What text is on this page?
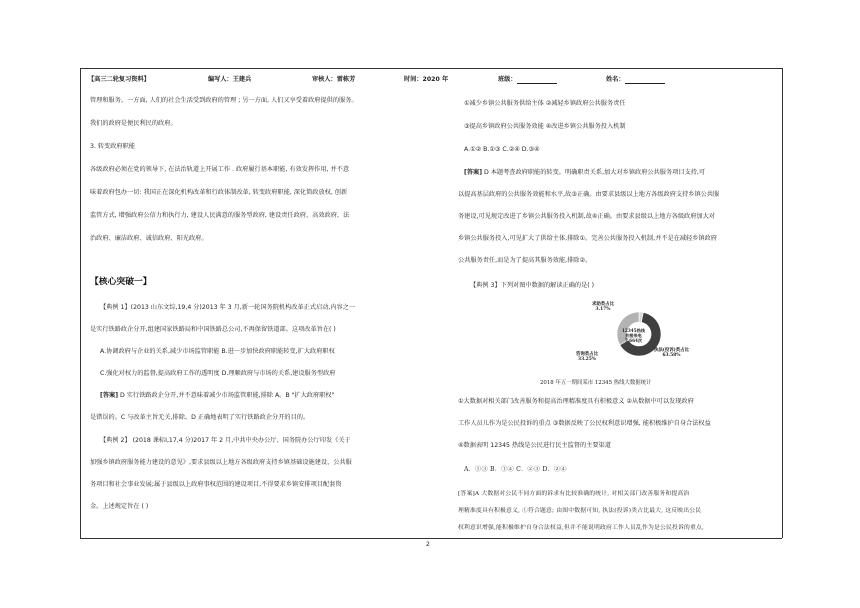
【高三二轮复习资料】	编写人：王建兵	审核人：雷栋芳	时间：2020 年	班级：	姓名：
管理和服务。一方面, 人们的社会生活受到政府的管理 ; 另一方面, 人们又享受着政府提供的服务。
我们的政府是便民利民的政府。
3. 转变政府职能
各级政府必须在党的领导下, 在法治轨道上开展工作 . 政府履行基本职能, 有效发挥作用, 并不意
味着政府包办一切: 我国正在深化机构改革和行政体制改革, 转变政府职能, 深化简政放权, 创新
监管方式, 增强政府公信力和执行力, 建设人民满意的服务型政府, 建设责任政府、高效政府、法
治政府、廉洁政府、诚信政府、阳光政府。
【核心突破一】
【典例 1】(2013 山东文综,19,4 分)2013 年 3 月,新一轮国务院机构改革正式启动,内容之一
是实行铁路政企分开,组建国家铁路局和中国铁路总公司,不再保留铁道部。这项改革旨在( )
A.协调政府与企业的关系,减少市场监管职能 B.进一步加快政府职能转变,扩大政府职权
C.强化对权力的监督,提高政府工作的透明度 D.理顺政府与市场的关系,建设服务型政府
[答案] D 实行铁路政企分开,并不意味着减少市场监管职能,排除 A。B "扩大政府职权"
是错误的。C 与改革主旨无关,排除。D 正确地表明了实行铁路政企分开的目的。
【典例 2】 (2018 课标Ⅰ,17,4 分)2017 年 2 月,中共中央办公厅、国务院办公厅印发《关于
加强乡镇政府服务能力建设的意见》,要求县级以上地方各级政府支持乡镇基础设施建设、公共服
务项目和社会事业发展;属于县级以上政府事权范围的建设项目,不得要求乡镇安排项目配套资
金。上述规定旨在 ( )
①减少乡镇公共服务供给主体 ②减轻乡镇政府公共服务责任
③提高乡镇政府公共服务效能 ④改进乡镇公共服务投入机制
A.①② B.①③ C.②④ D.③④
[答案] D 本题考查政府职能的转变。明确职责关系,加大对乡镇政府公共服务项目支持,可
以提高基层政府的公共服务效能和水平,故③正确。由要求县级以上地方各级政府支持乡镇公共服
务建设,可见规定改进了乡镇公共服务投入机制,故④正确。由要求县级以上地方各级政府加大对
乡镇公共服务投入,可见扩大了供给主体,排除①。完善公共服务投入机制,并不是在减轻乡镇政府
公共服务责任,而是为了提高其服务效能,排除②。
【典例 3】下列对图中数据的解读正确的是( )
①大数据对相关部门改善服务和提高治理精准度具有积极意义 ②从数据中可以发现政府
工作人员儿作为是公民投诉的重点 ③数据反映了公民权利意识增强, 能积极维护自身合法权益
④数据表明 12345 热线是公民进行民主监督的主要渠道
A．①③ B．①④ C．②③ D．②④
[答案]A 大数据对公民不同方面的诉求有比较准确的统计, 对相关部门改善服务和提高治
理精准度具有积极意义, ①符合题意; 由图中数据可知, 执法(投诉)类占比最大, 这反映出公民
权利意识增强,能积极维护自身合法权益,但并不能说明政府工作人员乱作为是公民投诉的重点,
求助类占比
3.17%
咨询类占比
33.25%
执法(投诉)类占比
63.58%
12345热线
共接来电
7 664次
2018 年五一期间某市 12345 热线大数据统计
2
